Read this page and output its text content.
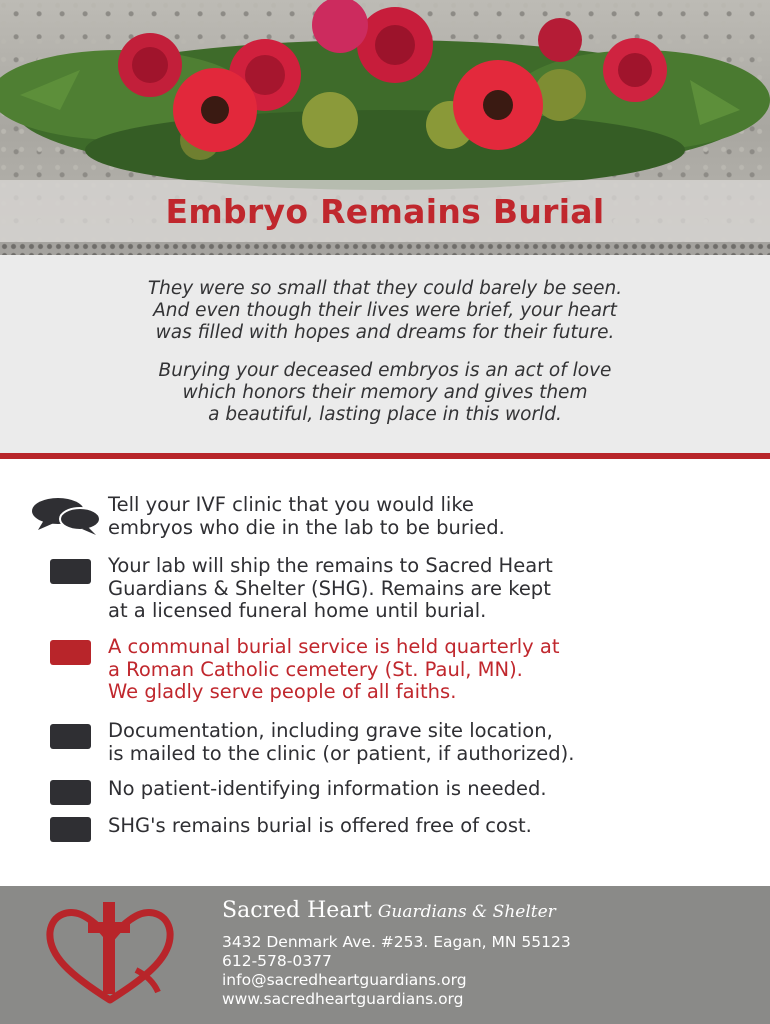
Embryo Remains Burial

They were so small that they could barely be seen.
And even though their lives were brief, your heart
was filled with hopes and dreams for their future.

Burying your deceased embryos is an act of love
which honors their memory and gives them
a beautiful, lasting place in this world.

Tell your IVF clinic that you would like
embryos who die in the lab to be buried.
Your lab will ship the remains to Sacred Heart
Guardians & Shelter (SHG). Remains are kept
at a licensed funeral home until burial.
A communal burial service is held quarterly at
a Roman Catholic cemetery (St. Paul, MN).
We gladly serve people of all faiths.
Documentation, including grave site location,
is mailed to the clinic (or patient, if authorized).
No patient-identifying information is needed.
SHG's remains burial is offered free of cost.
Sacred Heart Guardians & Shelter
3432 Denmark Ave. #253. Eagan, MN 55123
612-578-0377
info@sacredheartguardians.org
www.sacredheartguardians.org
